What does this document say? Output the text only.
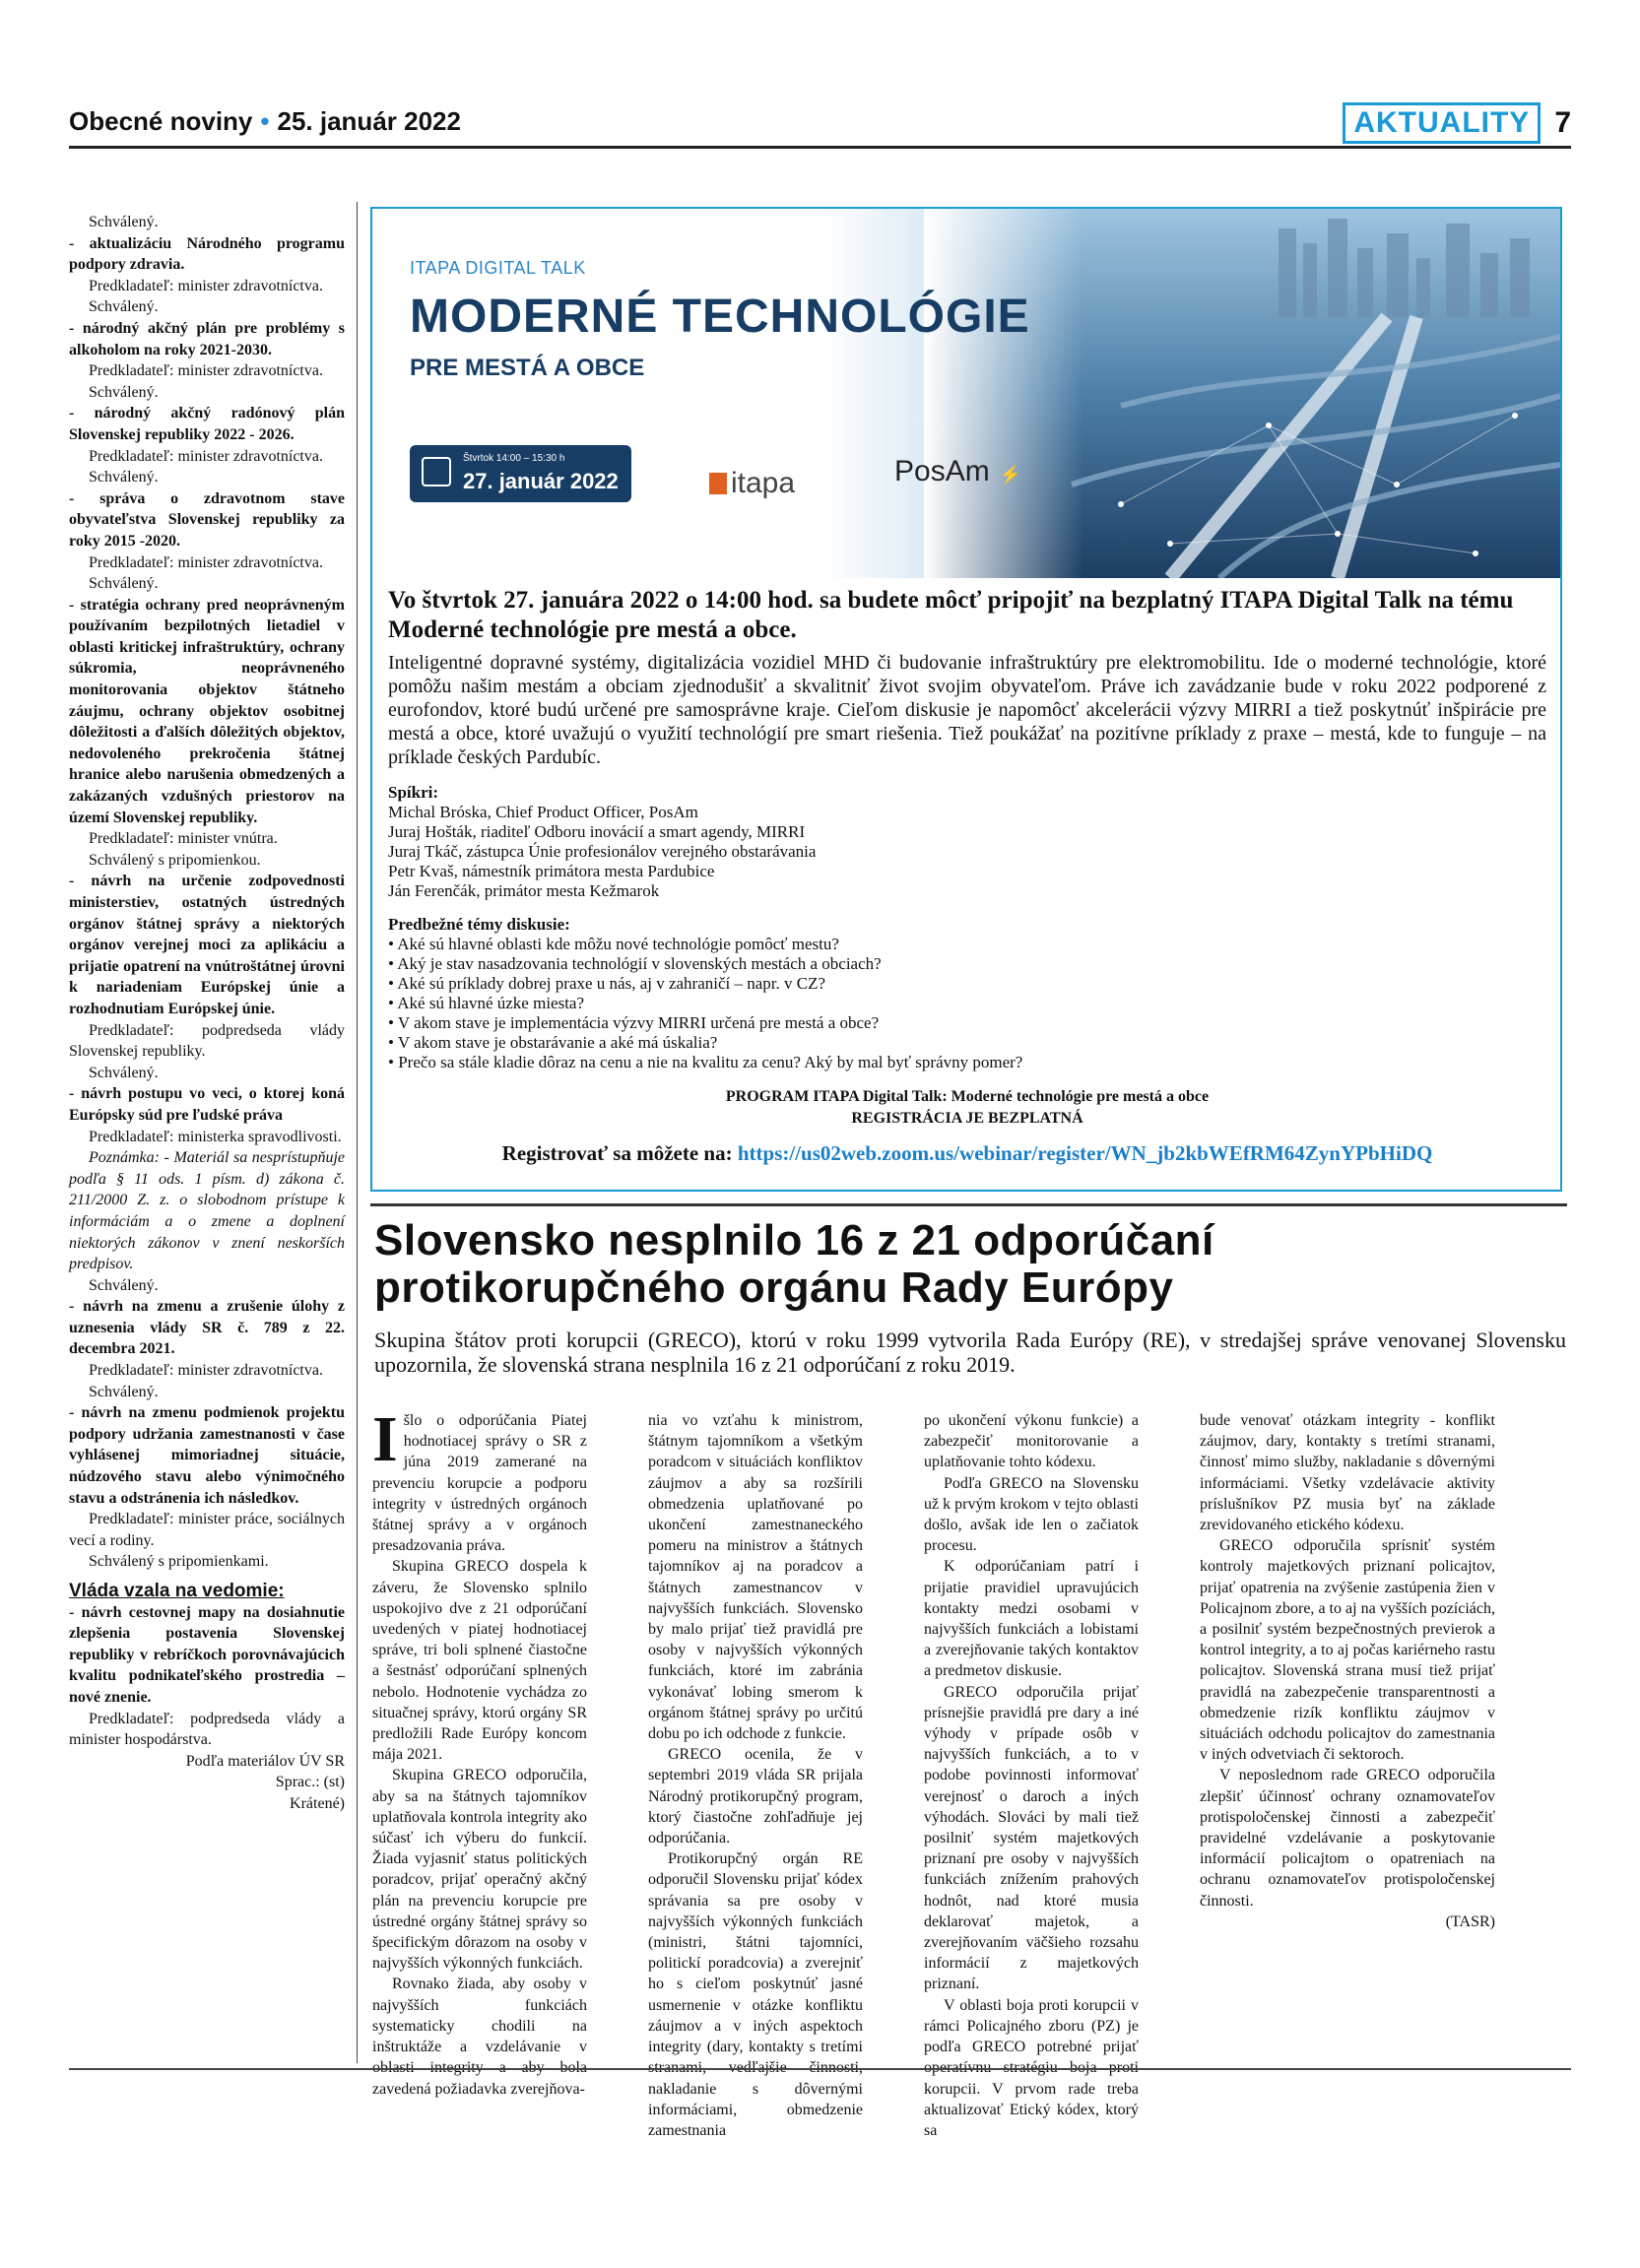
Obecné noviny • 25. január 2022	AKTUALITY 7

Schválený.

- aktualizáciu Národného programu podpory zdravia.

Predkladateľ: minister zdravotníctva.

Schválený.

- národný akčný plán pre problémy s alkoholom na roky 2021-2030.

Predkladateľ: minister zdravotníctva.

Schválený.

- národný akčný radónový plán Slovenskej republiky 2022 - 2026.

Predkladateľ: minister zdravotníctva.

Schválený.

- správa o zdravotnom stave obyvateľstva Slovenskej republiky za roky 2015 -2020.

Predkladateľ: minister zdravotníctva.

Schválený.

- stratégia ochrany pred neoprávneným používaním bezpilotných lietadiel v oblasti kritickej infraštruktúry, ochrany súkromia, neoprávneného monitorovania objektov štátneho záujmu, ochrany objektov osobitnej dôležitosti a ďalších dôležitých objektov, nedovoleného prekročenia štátnej hranice alebo narušenia obmedzených a zakázaných vzdušných priestorov na území Slovenskej republiky.

Predkladateľ: minister vnútra.

Schválený s pripomienkou.

- návrh na určenie zodpovednosti ministerstiev, ostatných ústredných orgánov štátnej správy a niektorých orgánov verejnej moci za aplikáciu a prijatie opatrení na vnútroštátnej úrovni k nariadeniam Európskej únie a rozhodnutiam Európskej únie.

Predkladateľ: podpredseda vlády Slovenskej republiky.

Schválený.

- návrh postupu vo veci, o ktorej koná Európsky súd pre ľudské práva

Predkladateľ: ministerka spravodlivosti.

Poznámka: - Materiál sa nesprístupňuje podľa § 11 ods. 1 písm. d) zákona č. 211/2000 Z. z. o slobodnom prístupe k informáciám a o zmene a doplnení niektorých zákonov v znení neskorších predpisov.

Schválený.

- návrh na zmenu a zrušenie úlohy z uznesenia vlády SR č. 789 z 22. decembra 2021.

Predkladateľ: minister zdravotníctva.

Schválený.

- návrh na zmenu podmienok projektu podpory udržania zamestnanosti v čase vyhlásenej mimoriadnej situácie, núdzového stavu alebo výnimočného stavu a odstránenia ich následkov.

Predkladateľ: minister práce, sociálnych vecí a rodiny.

Schválený s pripomienkami.

Vláda vzala na vedomie:

- návrh cestovnej mapy na dosiahnutie zlepšenia postavenia Slovenskej republiky v rebríčkoch porovnávajúcich kvalitu podnikateľského prostredia – nové znenie.

Predkladateľ: podpredseda vlády a minister hospodárstva.

Podľa materiálov ÚV SR

Sprac.: (st)

Krátené)

ITAPA DIGITAL TALK
MODERNÉ TECHNOLÓGIE
PRE MESTÁ A OBCE
Štvrtok 14:00 – 15:30 h
27. január 2022	itapa	PosAm ⚡
Vo štvrtok 27. januára 2022 o 14:00 hod. sa budete môcť pripojiť na bezplatný ITAPA Digital Talk na tému Moderné technológie pre mestá a obce.
Inteligentné dopravné systémy, digitalizácia vozidiel MHD či budovanie infraštruktúry pre elektromobilitu. Ide o moderné technológie, ktoré pomôžu našim mestám a obciam zjednodušiť a skvalitniť život svojim obyvateľom. Práve ich zavádzanie bude v roku 2022 podporené z eurofondov, ktoré budú určené pre samosprávne kraje. Cieľom diskusie je napomôcť akcelerácii výzvy MIRRI a tiež poskytnúť inšpirácie pre mestá a obce, ktoré uvažujú o využití technológií pre smart riešenia. Tiež poukážať na pozitívne príklady z praxe – mestá, kde to funguje – na príklade českých Pardubíc.
Spíkri:
Michal Bróska, Chief Product Officer, PosAm
Juraj Hošták, riaditeľ Odboru inovácií a smart agendy, MIRRI
Juraj Tkáč, zástupca Únie profesionálov verejného obstarávania
Petr Kvaš, námestník primátora mesta Pardubice
Ján Ferenčák, primátor mesta Kežmarok
Predbežné témy diskusie:
• Aké sú hlavné oblasti kde môžu nové technológie pomôcť mestu?
• Aký je stav nasadzovania technológií v slovenských mestách a obciach?
• Aké sú príklady dobrej praxe u nás, aj v zahraničí – napr. v CZ?
• Aké sú hlavné úzke miesta?
• V akom stave je implementácia výzvy MIRRI určená pre mestá a obce?
• V akom stave je obstarávanie a aké má úskalia?
• Prečo sa stále kladie dôraz na cenu a nie na kvalitu za cenu? Aký by mal byť správny pomer?
PROGRAM ITAPA Digital Talk: Moderné technológie pre mestá a obce
REGISTRÁCIA JE BEZPLATNÁ
Registrovať sa môžete na: https://us02web.zoom.us/webinar/register/WN_jb2kbWEfRM64ZynYPbHiDQ
Slovensko nesplnilo 16 z 21 odporúčaní protikorupčného orgánu Rady Európy
Skupina štátov proti korupcii (GRECO), ktorú v roku 1999 vytvorila Rada Európy (RE), v stredajšej správe venovanej Slovensku upozornila, že slovenská strana nesplnila 16 z 21 odporúčaní z roku 2019.

Išlo o odporúčania Piatej hodnotiacej správy o SR z júna 2019 zamerané na prevenciu korupcie a podporu integrity v ústredných orgánoch štátnej správy a v orgánoch presadzovania práva.

Skupina GRECO dospela k záveru, že Slovensko splnilo uspokojivo dve z 21 odporúčaní uvedených v piatej hodnotiacej správe, tri boli splnené čiastočne a šestnásť odporúčaní splnených nebolo. Hodnotenie vychádza zo situačnej správy, ktorú orgány SR predložili Rade Európy koncom mája 2021.

Skupina GRECO odporučila, aby sa na štátnych tajomníkov uplatňovala kontrola integrity ako súčasť ich výberu do funkcií. Žiada vyjasniť status politických poradcov, prijať operačný akčný plán na prevenciu korupcie pre ústredné orgány štátnej správy so špecifickým dôrazom na osoby v najvyšších výkonných funkciách.

Rovnako žiada, aby osoby v najvyšších funkciách systematicky chodili na inštruktáže a vzdelávanie v zavedená požiadavka zverejňova-

nia vo vzťahu k ministrom, štátnym tajomníkom a všetkým poradcom v situáciách konfliktov záujmov a aby sa rozšírili obmedzenia uplatňované po ukončení zamestnaneckého pomeru na ministrov a štátnych tajomníkov aj na poradcov a štátnych zamestnancov v najvyšších funkciách. Slovensko by malo prijať tiež pravidlá pre osoby v najvyšších výkonných funkciách, ktoré im zabránia vykonávať lobing smerom k orgánom štátnej správy po určitú dobu po ich odchode z funkcie.

GRECO ocenila, že v septembri 2019 vláda SR prijala Národný protikorupčný program, ktorý čiastočne zohľadňuje jej odporúčania.

Protikorupčný orgán RE odporučil Slovensku prijať kódex správania sa pre osoby v najvyšších výkonných funkciách (ministri, štátni tajomníci, politickí poradcovia) a zverejniť ho s cieľom poskytnúť jasné usmernenie v otázke konfliktu záujmov a v iných aspektoch integrity (dary, kontakty s tretími nakladanie s dôvernými informáciami, obmedzenie zamestnania

po ukončení výkonu funkcie) a zabezpečiť monitorovanie a uplatňovanie tohto kódexu.

Podľa GRECO na Slovensku už k prvým krokom v tejto oblasti došlo, avšak ide len o začiatok procesu.

K odporúčaniam patrí i prijatie pravidiel upravujúcich kontakty medzi osobami v najvyšších funkciách a lobistami a zverejňovanie takých kontaktov a predmetov diskusie.

GRECO odporučila prijať prísnejšie pravidlá pre dary a iné výhody v prípade osôb v najvyšších funkciách, a to v podobe povinnosti informovať verejnosť o daroch a iných výhodách. Slováci by mali tiež posilniť systém majetkových priznaní pre osoby v najvyšších funkciách znížením prahových hodnôt, nad ktoré musia deklarovať majetok, a zverejňovaním väčšieho rozsahu informácií z majetkových priznaní.

V oblasti boja proti korupcii v rámci Policajného zboru (PZ) je podľa GRECO potrebné prijať korupcii. V prvom rade treba aktualizovať Etický kódex, ktorý sa

bude venovať otázkam integrity - konflikt záujmov, dary, kontakty s tretími stranami, činnosť mimo služby, nakladanie s dôvernými informáciami. Všetky vzdelávacie aktivity príslušníkov PZ musia byť na základe zrevidovaného etického kódexu.

GRECO odporučila sprísniť systém kontroly majetkových priznaní policajtov, prijať opatrenia na zvýšenie zastúpenia žien v Policajnom zbore, a to aj na vyšších pozíciách, a posilniť systém bezpečnostných previerok a kontrol integrity, a to aj počas kariérneho rastu policajtov. Slovenská strana musí tiež prijať pravidlá na zabezpečenie transparentnosti a obmedzenie rizík konfliktu záujmov v situáciách odchodu policajtov do zamestnania v iných odvetviach či sektoroch.

V neposlednom rade GRECO odporučila zlepšiť účinnosť ochrany oznamovateľov protispoločenskej činnosti a zabezpečiť pravidelné vzdelávanie a poskytovanie informácií policajtom o opatreniach na ochranu oznamovateľov protispoločenskej činnosti.

(TASR)
